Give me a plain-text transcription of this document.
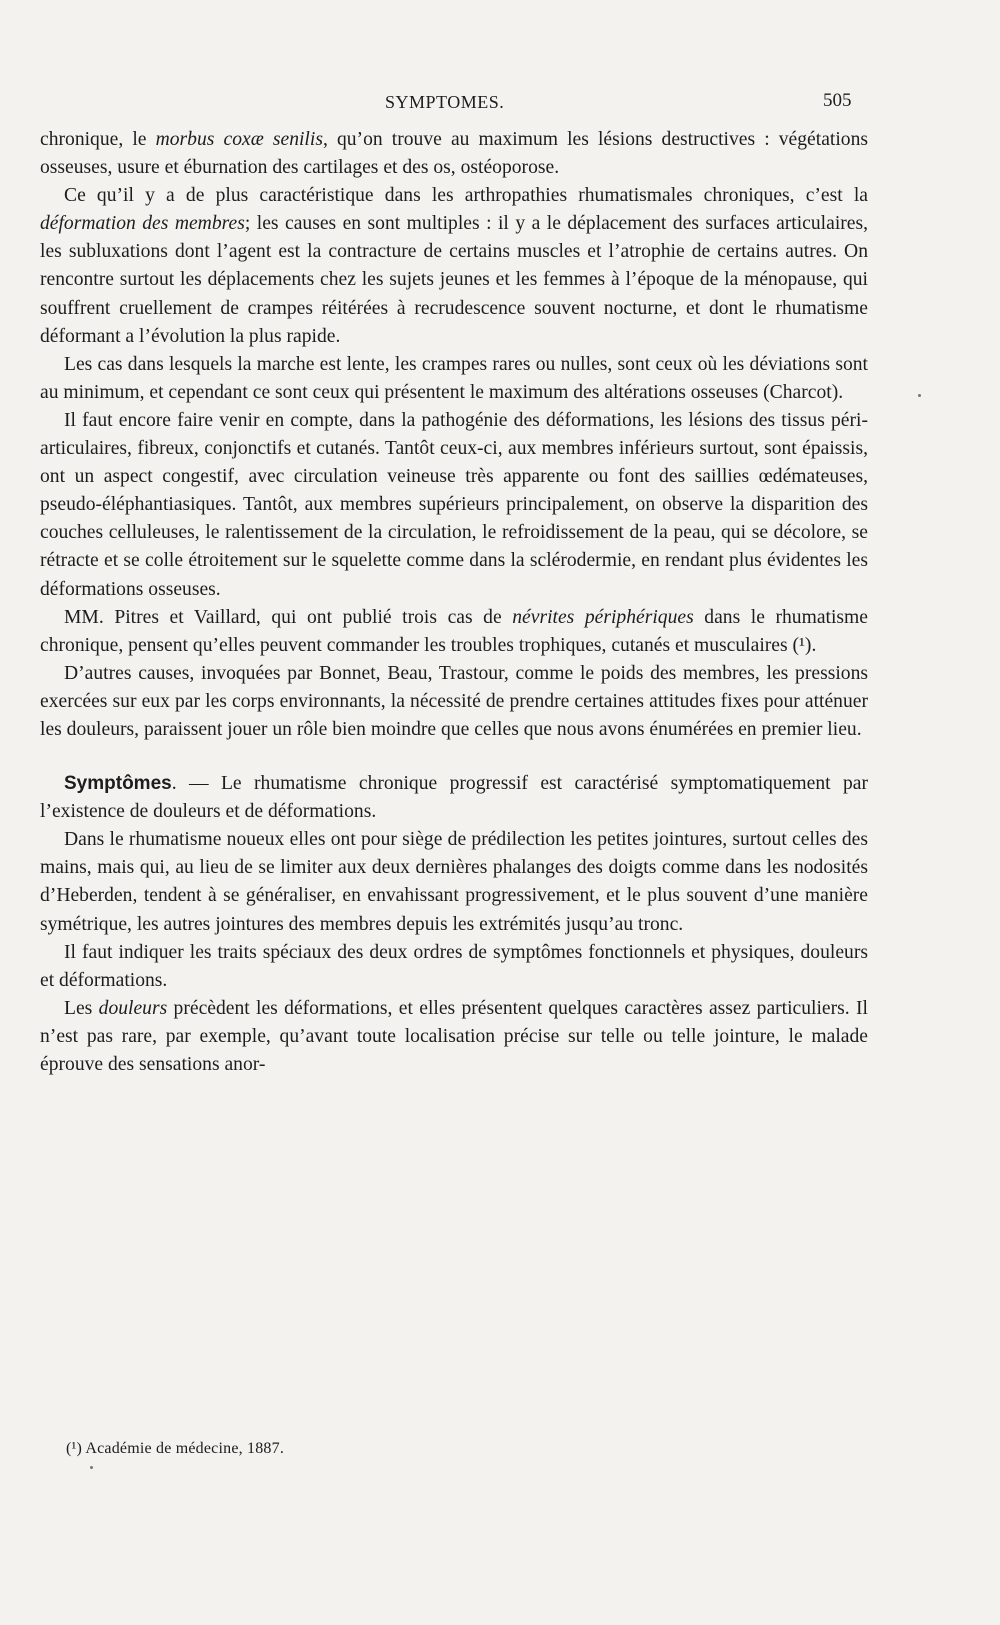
SYMPTOMES.	505

chronique, le morbus coxæ senilis, qu’on trouve au maximum les lésions destructives : végétations osseuses, usure et éburnation des cartilages et des os, ostéoporose.

Ce qu’il y a de plus caractéristique dans les arthropathies rhumatismales chroniques, c’est la déformation des membres; les causes en sont multiples : il y a le déplacement des surfaces articulaires, les subluxations dont l’agent est la contracture de certains muscles et l’atrophie de certains autres. On rencontre surtout les déplacements chez les sujets jeunes et les femmes à l’époque de la ménopause, qui souffrent cruellement de crampes réitérées à recrudescence souvent nocturne, et dont le rhumatisme déformant a l’évolution la plus rapide.

Les cas dans lesquels la marche est lente, les crampes rares ou nulles, sont ceux où les déviations sont au minimum, et cependant ce sont ceux qui présentent le maximum des altérations osseuses (Charcot).

Il faut encore faire venir en compte, dans la pathogénie des déformations, les lésions des tissus péri-articulaires, fibreux, conjonctifs et cutanés. Tantôt ceux-ci, aux membres inférieurs surtout, sont épaissis, ont un aspect congestif, avec circulation veineuse très apparente ou font des saillies œdémateuses, pseudo-éléphantiasiques. Tantôt, aux membres supérieurs principalement, on observe la disparition des couches celluleuses, le ralentissement de la circulation, le refroidissement de la peau, qui se décolore, se rétracte et se colle étroitement sur le squelette comme dans la sclérodermie, en rendant plus évidentes les déformations osseuses.

MM. Pitres et Vaillard, qui ont publié trois cas de névrites périphériques dans le rhumatisme chronique, pensent qu’elles peuvent commander les troubles trophiques, cutanés et musculaires (¹).

D’autres causes, invoquées par Bonnet, Beau, Trastour, comme le poids des membres, les pressions exercées sur eux par les corps environnants, la nécessité de prendre certaines attitudes fixes pour atténuer les douleurs, paraissent jouer un rôle bien moindre que celles que nous avons énumérées en premier lieu.

Symptômes. — Le rhumatisme chronique progressif est caractérisé symptomatiquement par l’existence de douleurs et de déformations.

Dans le rhumatisme noueux elles ont pour siège de prédilection les petites jointures, surtout celles des mains, mais qui, au lieu de se limiter aux deux dernières phalanges des doigts comme dans les nodosités d’Heberden, tendent à se généraliser, en envahissant progressivement, et le plus souvent d’une manière symétrique, les autres jointures des membres depuis les extrémités jusqu’au tronc.

Il faut indiquer les traits spéciaux des deux ordres de symptômes fonctionnels et physiques, douleurs et déformations.

Les douleurs précèdent les déformations, et elles présentent quelques caractères assez particuliers. Il n’est pas rare, par exemple, qu’avant toute localisation précise sur telle ou telle jointure, le malade éprouve des sensations anor-

(¹) Académie de médecine, 1887.
